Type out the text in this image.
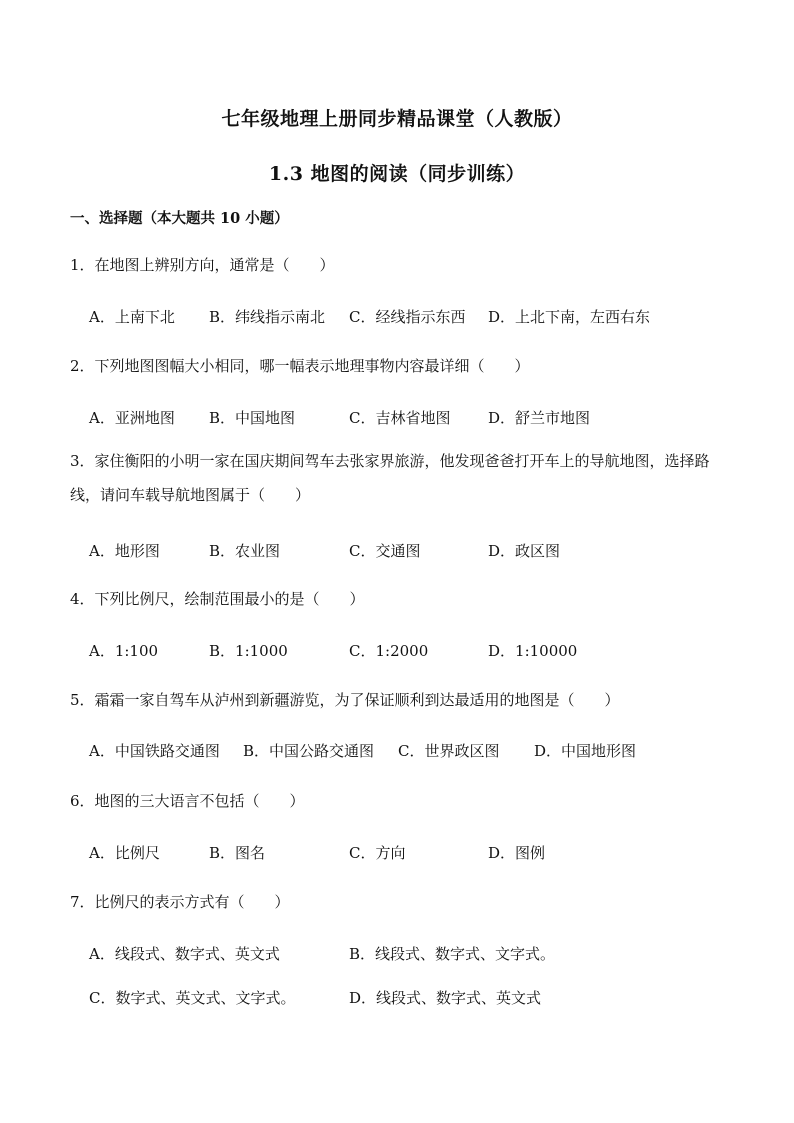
七年级地理上册同步精品课堂（人教版）
1.3 地图的阅读（同步训练）
一、选择题（本大题共 10 小题）
1．在地图上辨别方向，通常是（　　）
A．上南下北 B．纬线指示南北 C．经线指示东西 D．上北下南，左西右东
2．下列地图图幅大小相同，哪一幅表示地理事物内容最详细（　　）
A．亚洲地图 B．中国地图	C．吉林省地图	D．舒兰市地图
3．家住衡阳的小明一家在国庆期间驾车去张家界旅游，他发现爸爸打开车上的导航地图，选择路线，请问车载导航地图属于（　　）
A．地形图	B．农业图	C．交通图	D．政区图
4．下列比例尺，绘制范围最小的是（　　）
A．1:100	B．1:1000	C．1:2000	D．1:10000
5．霜霜一家自驾车从泸州到新疆游览，为了保证顺利到达最适用的地图是（　　）
A．中国铁路交通图 B．中国公路交通图 C．世界政区图 D．中国地形图
6．地图的三大语言不包括（　　）
A．比例尺	B．图名	C．方向	D．图例
7．比例尺的表示方式有（　　）
A．线段式、数字式、英文式	B．线段式、数字式、文字式。
C．数字式、英文式、文字式。	D．线段式、数字式、英文式
